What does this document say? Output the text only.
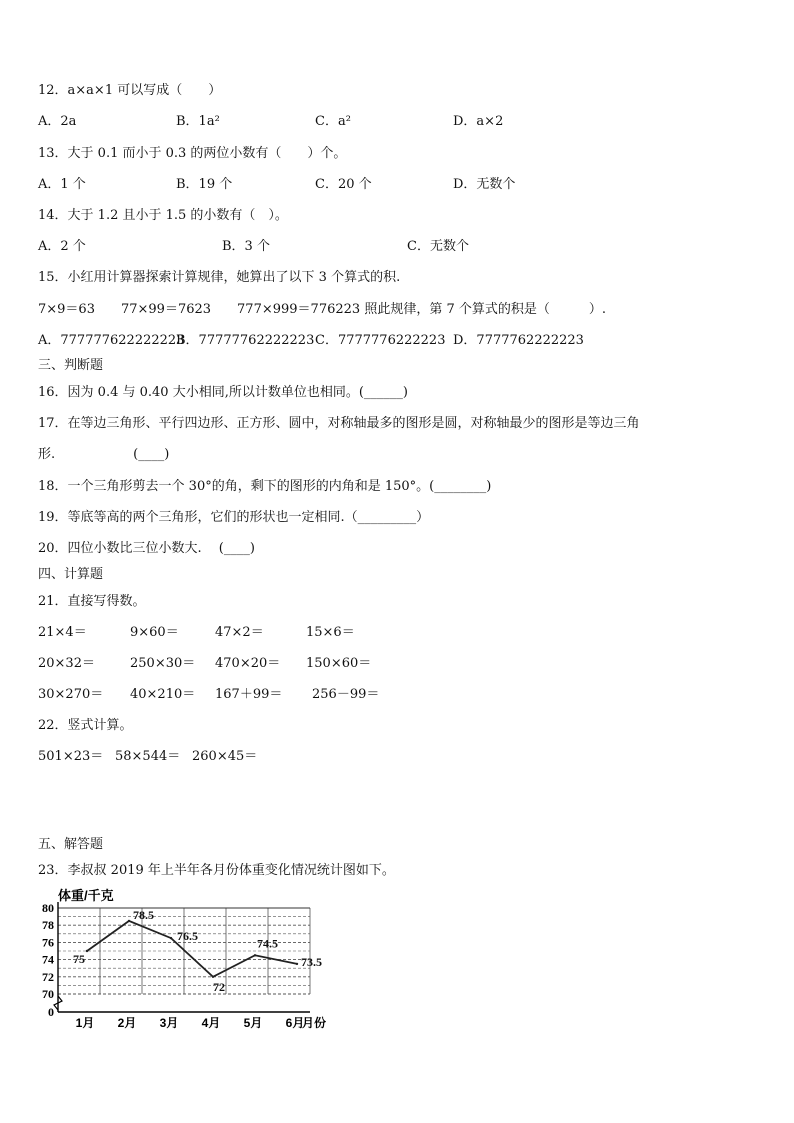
12．a×a×1 可以写成（　　）
A．2a	B．1a²	C．a²	D．a×2
13．大于 0.1 而小于 0.3 的两位小数有（　　）个。
A．1 个	B．19 个	C．20 个	D．无数个
14．大于 1.2 且小于 1.5 的小数有（　）。
A．2 个	B．3 个	C．无数个
15．小红用计算器探索计算规律，她算出了以下 3 个算式的积.
7×9＝63　　77×99＝7623　　777×999＝776223 照此规律，第 7 个算式的积是（　　　）.
A．777777622222223
B．77777762222223 C．7777776222223 D．7777762222223
三、判断题
16．因为 0.4 与 0.40 大小相同,所以计数单位也相同。(______)
17．在等边三角形、平行四边形、正方形、圆中，对称轴最多的图形是圆，对称轴最少的图形是等边三角
形.　　　　　　(____)
18．一个三角形剪去一个 30°的角，剩下的图形的内角和是 150°。(________)
19．等底等高的两个三角形，它们的形状也一定相同.（_________）
20．四位小数比三位小数大.　 (____)
四、计算题
21．直接写得数。
21×4＝	9×60＝	47×2＝	15×6＝
20×32＝	250×30＝ 470×20＝ 150×60＝
30×270＝ 40×210＝ 167＋99＝ 256－99＝
22．竖式计算。
501×23＝ 58×544＝ 260×45＝
五、解答题
23．李叔叔 2019 年上半年各月份体重变化情况统计图如下。
80
78
76
74
72
70
0
1月 2月 3月 4月 5月 6月
75
78.5
76.5
72
74.5
73.5
体重/千克
月份
